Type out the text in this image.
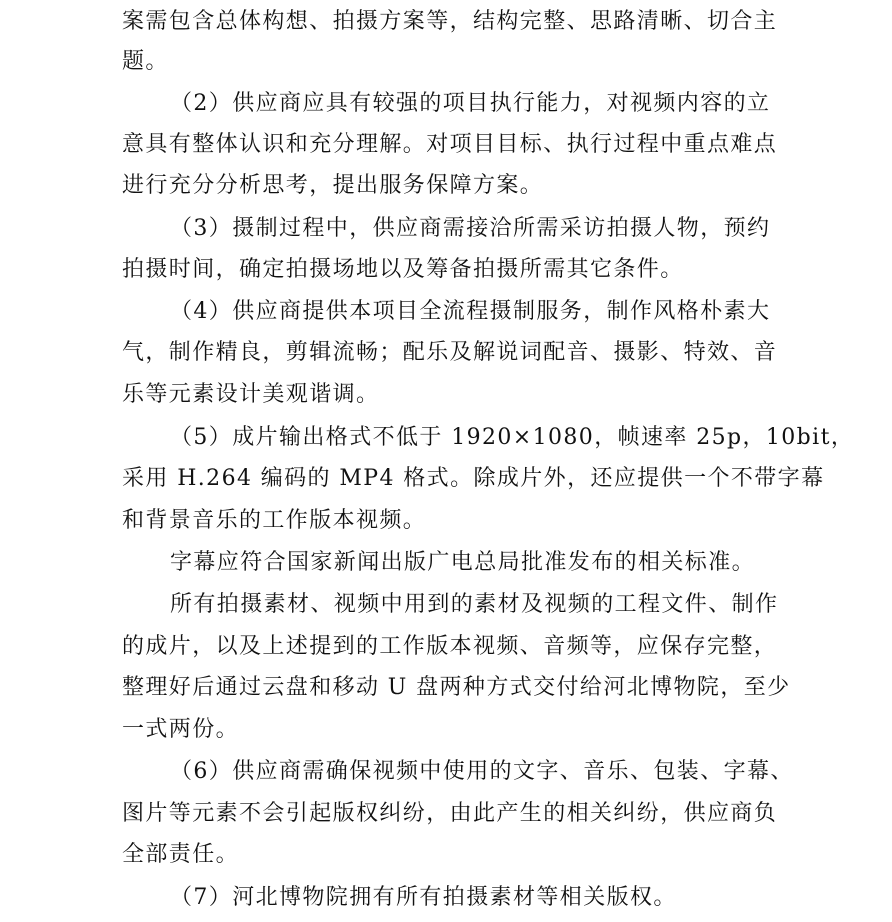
案需包含总体构想、拍摄方案等，结构完整、思路清晰、切合主
题。
（2）供应商应具有较强的项目执行能力，对视频内容的立
意具有整体认识和充分理解。对项目目标、执行过程中重点难点
进行充分分析思考，提出服务保障方案。
（3）摄制过程中，供应商需接洽所需采访拍摄人物，预约
拍摄时间，确定拍摄场地以及筹备拍摄所需其它条件。
（4）供应商提供本项目全流程摄制服务，制作风格朴素大
气，制作精良，剪辑流畅；配乐及解说词配音、摄影、特效、音
乐等元素设计美观谐调。
（5）成片输出格式不低于 1920×1080，帧速率 25p，10bit，
采用 H.264 编码的 MP4 格式。除成片外，还应提供一个不带字幕
和背景音乐的工作版本视频。
字幕应符合国家新闻出版广电总局批准发布的相关标准。
所有拍摄素材、视频中用到的素材及视频的工程文件、制作
的成片，以及上述提到的工作版本视频、音频等，应保存完整，
整理好后通过云盘和移动 U 盘两种方式交付给河北博物院，至少
一式两份。
（6）供应商需确保视频中使用的文字、音乐、包装、字幕、
图片等元素不会引起版权纠纷，由此产生的相关纠纷，供应商负
全部责任。
（7）河北博物院拥有所有拍摄素材等相关版权。
